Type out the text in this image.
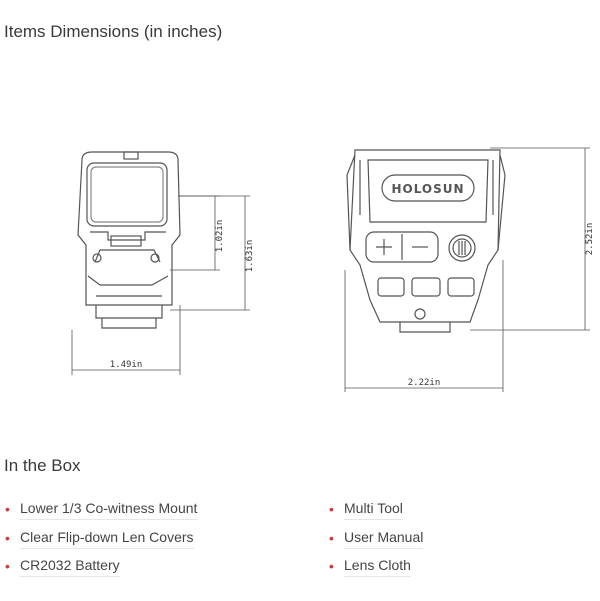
Items Dimensions (in inches)
1.02in
1.63in
1.49in
2.52in
2.22in
HOLOSUN
In the Box
• Lower 1/3 Co-witness Mount
• Clear Flip-down Len Covers
• CR2032 Battery
• Multi Tool
• User Manual
• Lens Cloth
